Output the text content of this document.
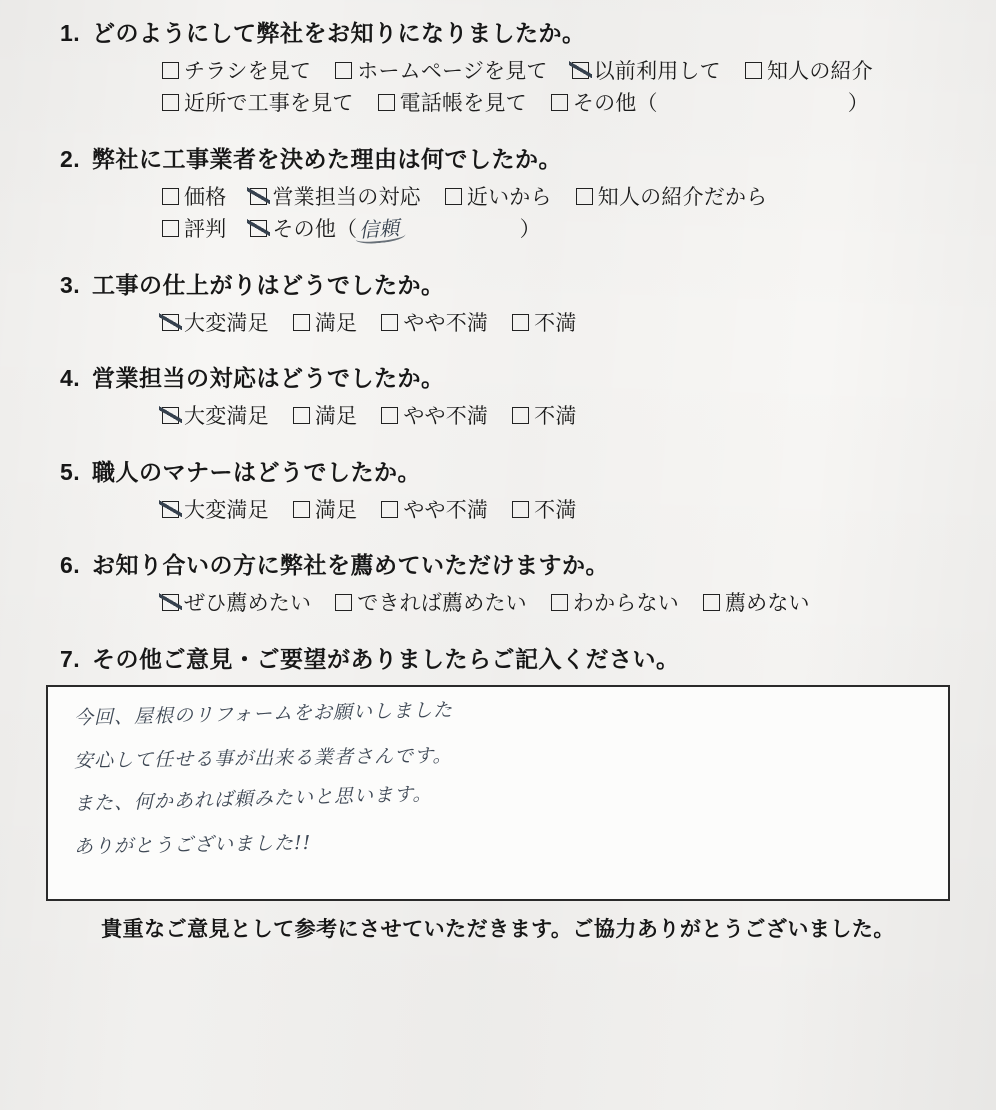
1. どのようにして弊社をお知りになりましたか。
チラシを見て ホームページを見て 以前利用して 知人の紹介
近所で工事を見て 電話帳を見て その他（	）
2. 弊社に工事業者を決めた理由は何でしたか。
価格 営業担当の対応 近いから 知人の紹介だから
評判 その他（信頼	）
3. 工事の仕上がりはどうでしたか。
大変満足 満足 やや不満 不満
4. 営業担当の対応はどうでしたか。
大変満足 満足 やや不満 不満
5. 職人のマナーはどうでしたか。
大変満足 満足 やや不満 不満
6. お知り合いの方に弊社を薦めていただけますか。
ぜひ薦めたい できれば薦めたい わからない 薦めない
7. その他ご意見・ご要望がありましたらご記入ください。
今回、屋根のリフォームをお願いしました
安心して任せる事が出来る業者さんです。
また、何かあれば頼みたいと思います。
ありがとうございました!!
貴重なご意見として参考にさせていただきます。ご協力ありがとうございました。
